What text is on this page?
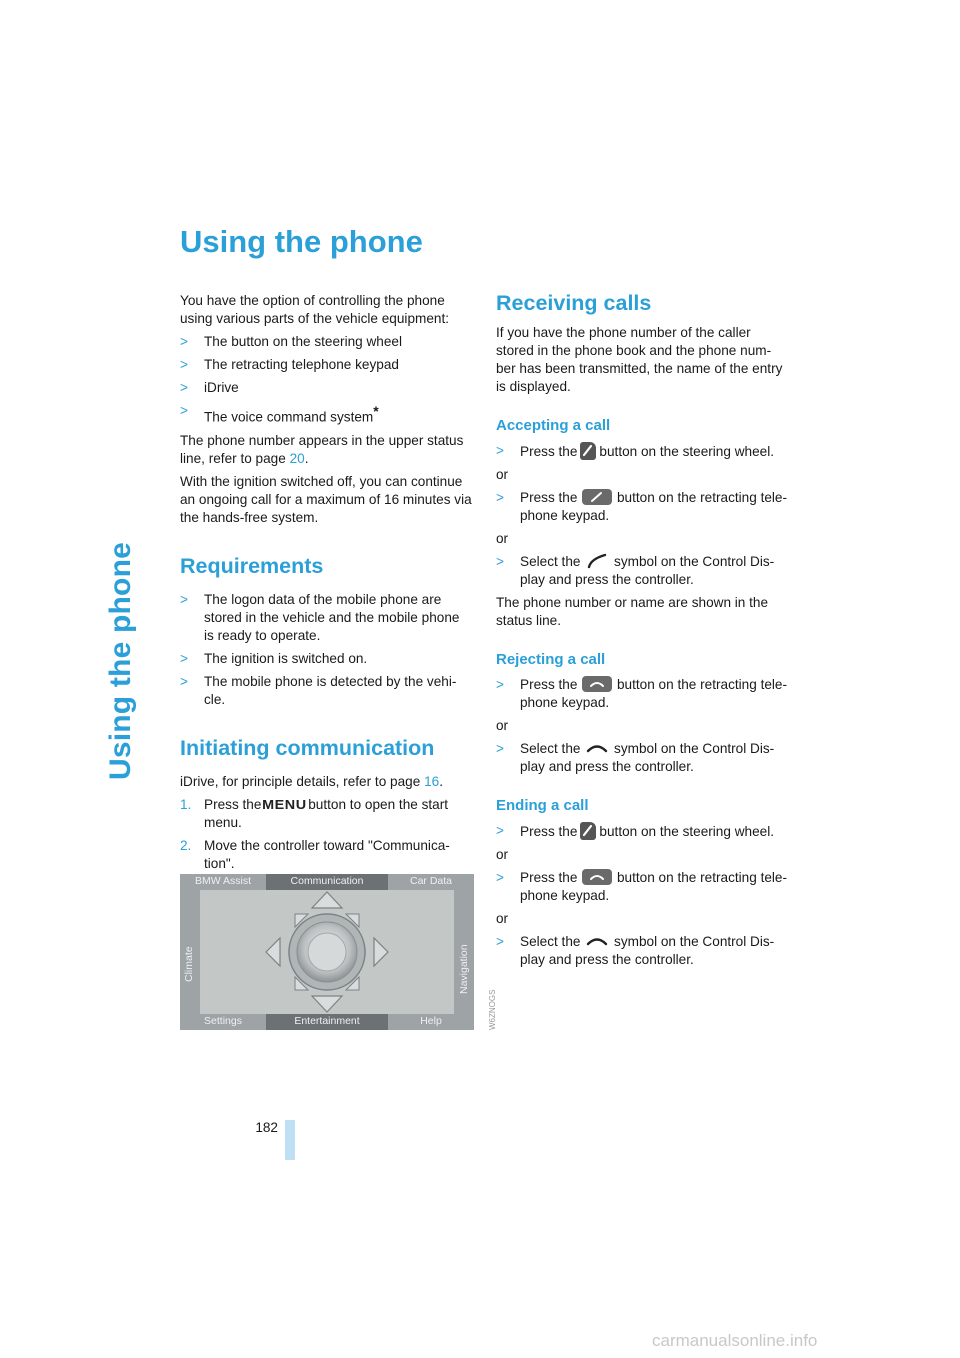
Using the phone
Using the phone

You have the option of controlling the phone using various parts of the vehicle equipment:

> The button on the steering wheel
> The retracting telephone keypad
> iDrive
> The voice command system*

The phone number appears in the upper status line, refer to page 20.

With the ignition switched off, you can continue an ongoing call for a maximum of 16 minutes via the hands-free system.

Requirements
> The logon data of the mobile phone are stored in the vehicle and the mobile phone is ready to operate.
> The ignition is switched on.
> The mobile phone is detected by the vehi-cle.
Initiating communication

iDrive, for principle details, refer to page 16.

1. Press theMENUbutton to open the start menu.
2. Move the controller toward "Communica-tion".
BMW Assist	Communication	Car Data
Climate	Navigation
Settings	Entertainment	Help	W6ZNOGS
Receiving calls

If you have the phone number of the caller stored in the phone book and the phone num-ber has been transmitted, the name of the entry is displayed.

Accepting a call
> Press the button on the steering wheel.

or

> Press the	button on the retracting tele-phone keypad.

or

> Select the symbol on the Control Dis-play and press the controller.

The phone number or name are shown in the status line.

Rejecting a call
> Press the	button on the retracting tele-phone keypad.

or

> Select the symbol on the Control Dis-play and press the controller.
Ending a call
> Press the button on the steering wheel.

or

> Press the	button on the retracting tele-phone keypad.

or

> Select the symbol on the Control Dis-play and press the controller.
182
carmanualsonline.info
